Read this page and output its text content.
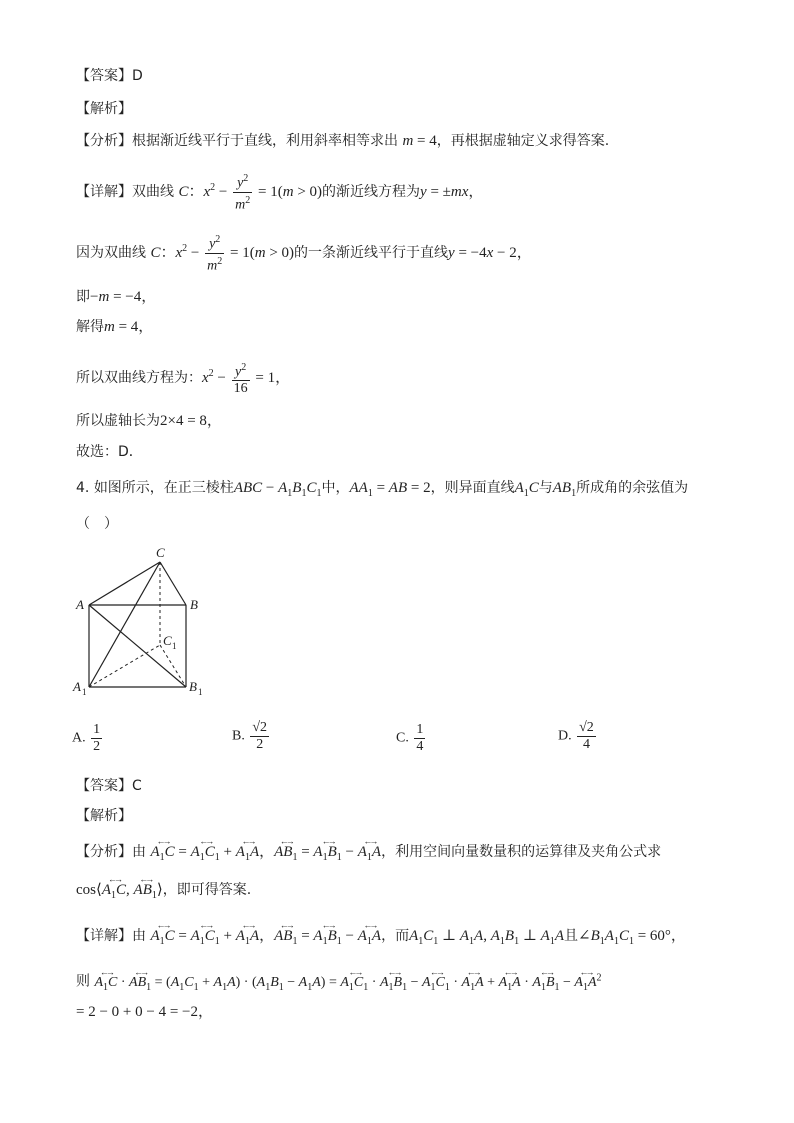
【答案】D
【解析】
【分析】根据渐近线平行于直线，利用斜率相等求出 m = 4，再根据虚轴定义求得答案.
【详解】双曲线 C：$x^2 - \frac{y^2}{m^2} = 1(m > 0)$的渐近线方程为y = ±mx，
因为双曲线 C：$x^2 - \frac{y^2}{m^2} = 1(m > 0)$的一条渐近线平行于直线y = −4x − 2，
即−m = −4，
解得m = 4，
所以双曲线方程为：$x^2 - \frac{y^2}{16} = 1$，
所以虚轴长为2×4 = 8，
故选：D．
4. 如图所示，在正三棱柱ABC − $A_1B_1C_1$中，$AA_1$ = AB = 2，则异面直线$A_1C$与$AB_1$所成角的余弦值为
（　）
C
A	B
C 1
A 1	B 1
A. $\frac{1}{2}$	B. $\frac{√2}{2}$	C. $\frac{1}{4}$	D. $\frac{√2}{4}$
【答案】C
【解析】
【分析】由 ←→ $A_1C$ = ←→ $A_1C_1$ + ←→ $A_1A$，←→ $AB_1$ = ←→ $A_1B_1$ − ←→ $A_1A$，利用空间向量数量积的运算律及夹角公式求
cos⟨←→ $A_1C$, ←→ $AB_1⟩$，即可得答案.
【详解】由 ←→ $A_1C$ = ←→ $A_1C_1$ + ←→ $A_1A$，←→ $AB_1$ = ←→ $A_1B_1$ − ←→ $A_1A$，而$A_1C_1$ ⊥ $A_1A$, $A_1B_1$ ⊥ $A_1A$且$\angle B_1A_1C_1 = 60^\circ$，
则 ←→ $A_1C$ · ←→ $AB_1 = (A_1C_1 + A_1A) \cdot (A_1B_1 - A_1A)$ = ←→ $A_1C_1$ · ←→ $A_1B_1$ − ←→ $A_1C_1$ · ←→ $A_1A$ + ←→ $A_1A$ · ←→ $A_1B_1$ − ←→ $A_1A^2$
= 2 − 0 + 0 − 4 = −2，
